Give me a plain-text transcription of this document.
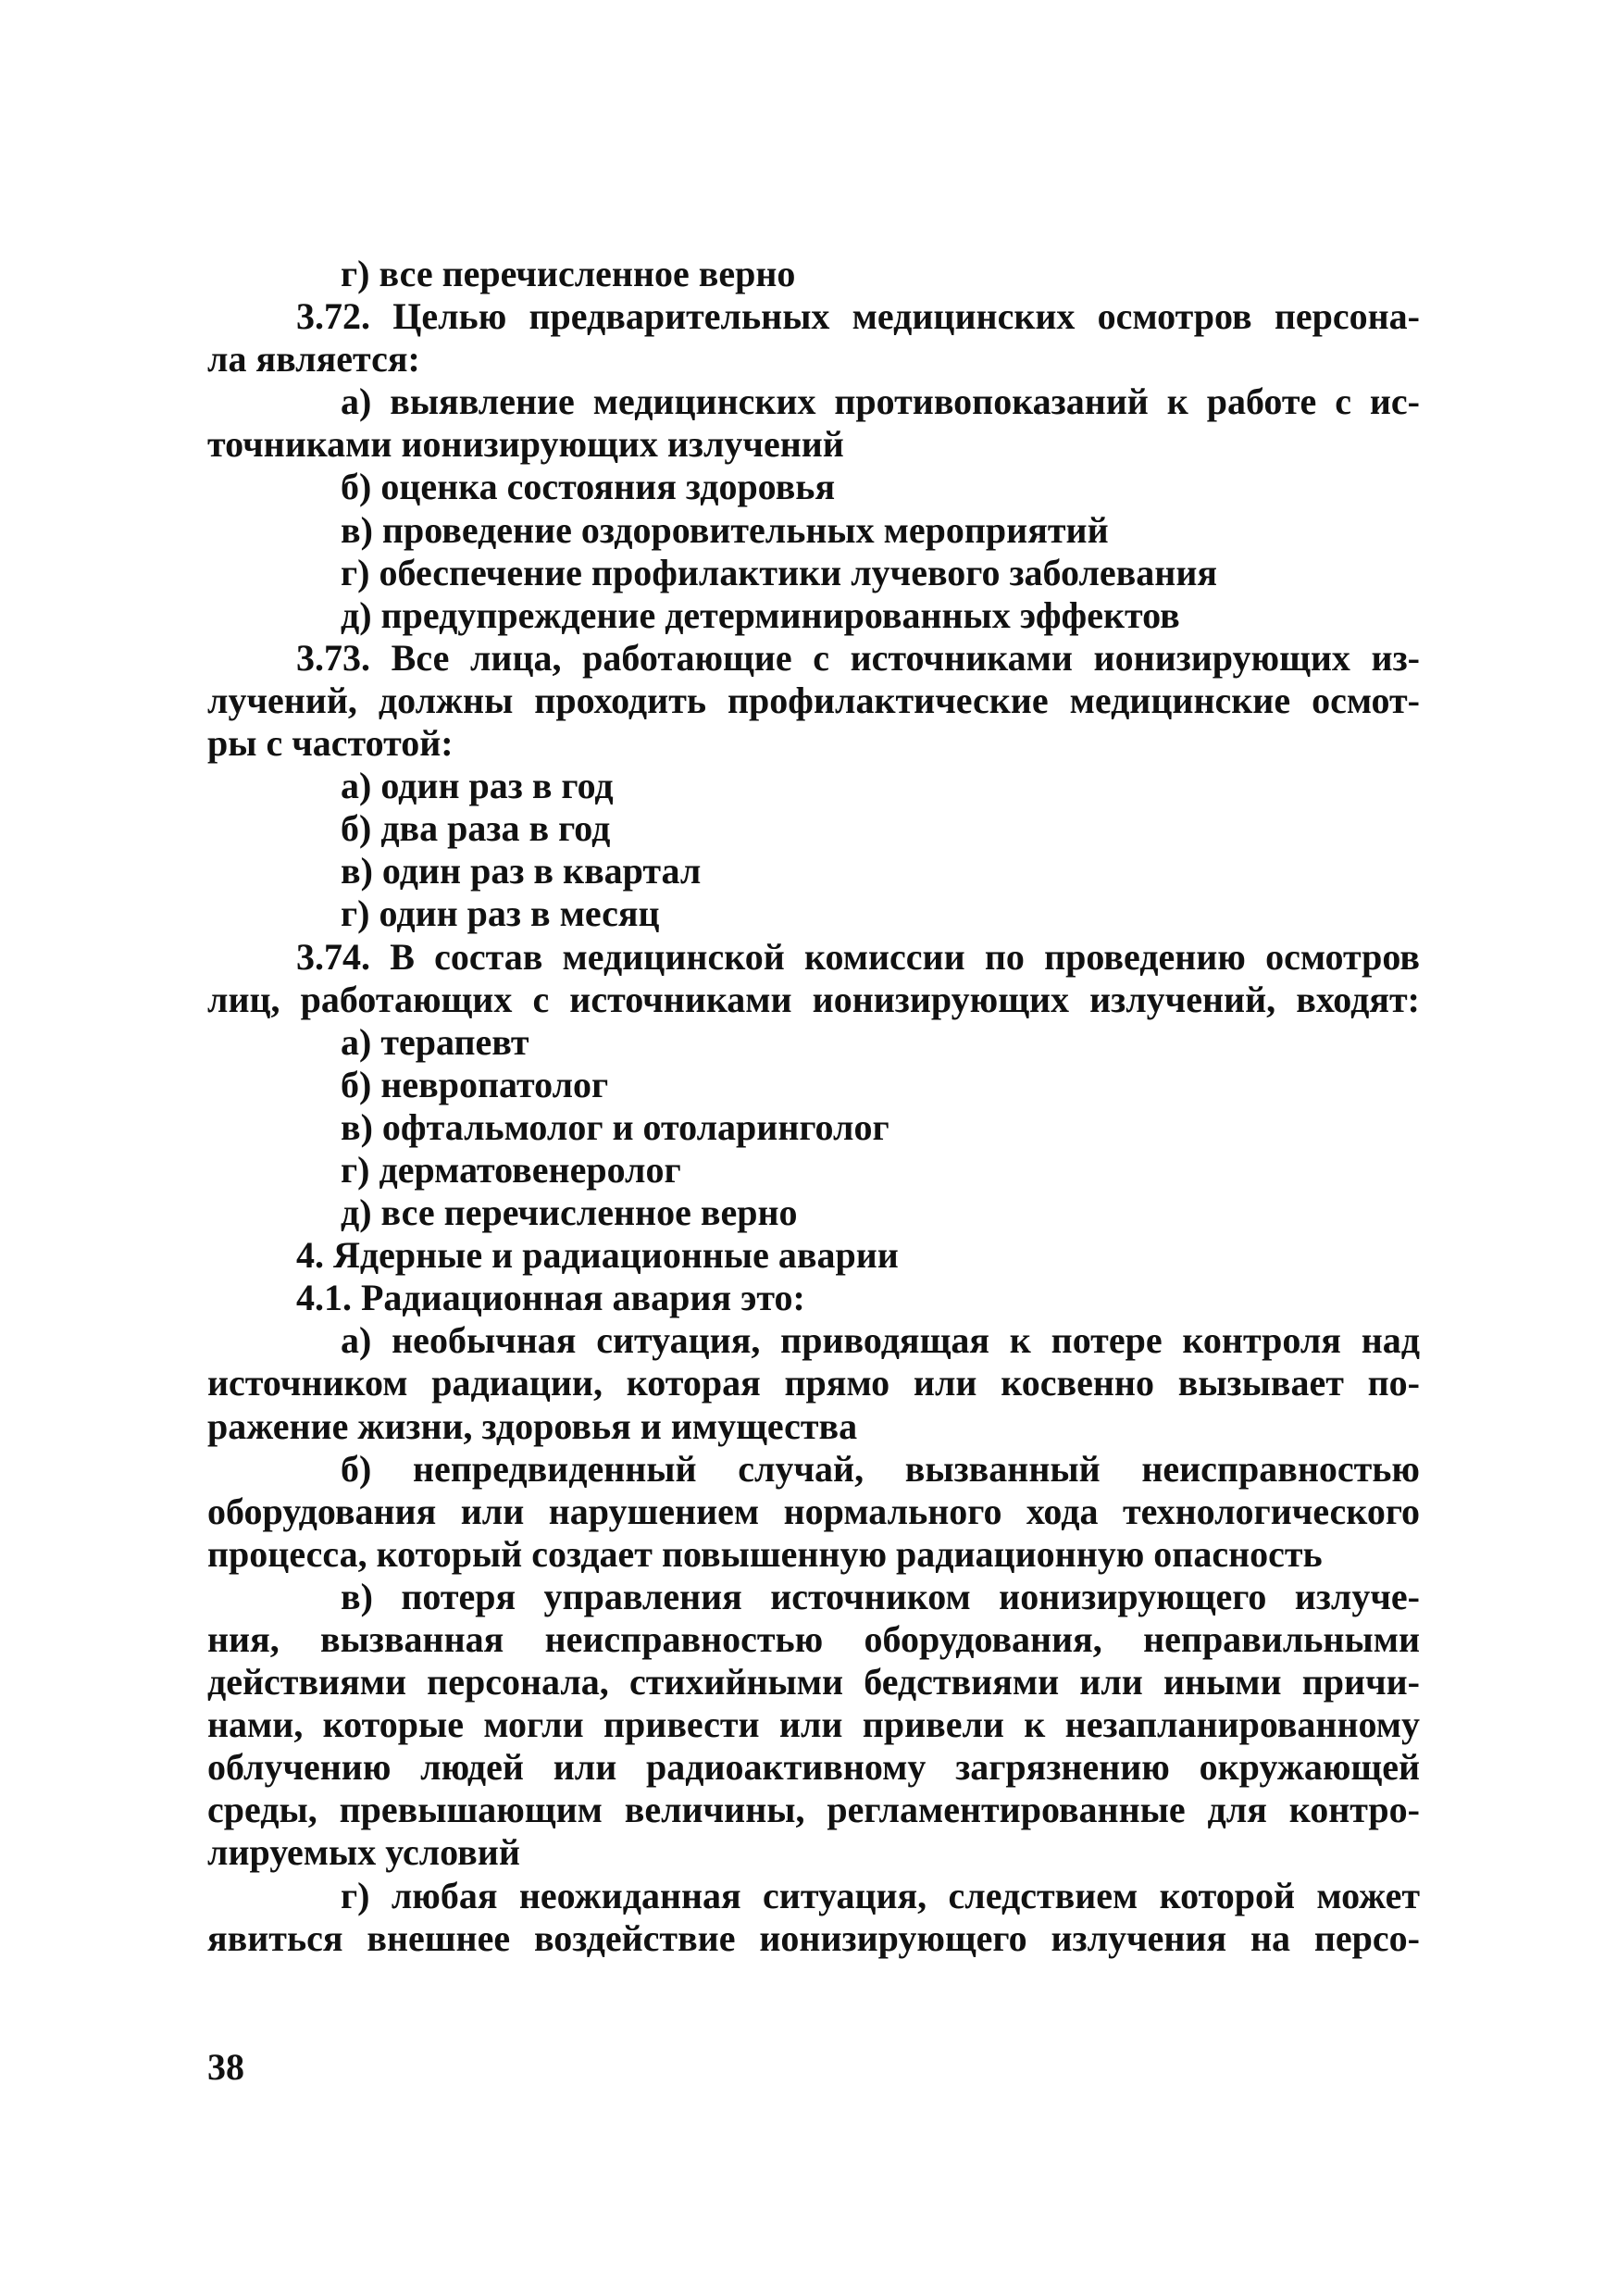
г) все перечисленное верно
3.72. Целью предварительных медицинских осмотров персона-
ла является:
а) выявление медицинских противопоказаний к работе с ис-
точниками ионизирующих излучений
б) оценка состояния здоровья
в) проведение оздоровительных мероприятий
г) обеспечение профилактики лучевого заболевания
д) предупреждение детерминированных эффектов
3.73. Все лица, работающие с источниками ионизирующих из-
лучений, должны проходить профилактические медицинские осмот-
ры с частотой:
а) один раз в год
б) два раза в год
в) один раз в квартал
г) один раз в месяц
3.74. В состав медицинской комиссии по проведению осмотров
лиц, работающих с источниками ионизирующих излучений, входят:
а) терапевт
б) невропатолог
в) офтальмолог и отоларинголог
г) дерматовенеролог
д) все перечисленное верно
4. Ядерные и радиационные аварии
4.1. Радиационная авария это:
а) необычная ситуация, приводящая к потере контроля над
источником радиации, которая прямо или косвенно вызывает по-
ражение жизни, здоровья и имущества
б) непредвиденный случай, вызванный неисправностью
оборудования или нарушением нормального хода технологического
процесса, который создает повышенную радиационную опасность
в) потеря управления источником ионизирующего излуче-
ния, вызванная неисправностью оборудования, неправильными
действиями персонала, стихийными бедствиями или иными причи-
нами, которые могли привести или привели к незапланированному
облучению людей или радиоактивному загрязнению окружающей
среды, превышающим величины, регламентированные для контро-
лируемых условий
г) любая неожиданная ситуация, следствием которой может
явиться внешнее воздействие ионизирующего излучения на персо-
38
